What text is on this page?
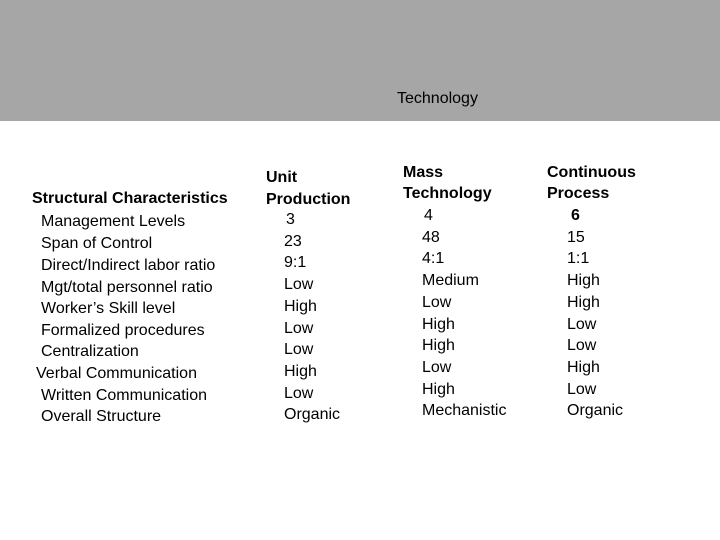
Technology
Structural Characteristics
Management Levels
Span of Control
Direct/Indirect labor ratio
Mgt/total personnel ratio
Worker’s Skill level
Formalized procedures
Centralization
Verbal Communication
Written Communication
Overall Structure
Unit
Production
3
23
9:1
Low
High
Low
Low
High
Low
Organic
Mass
Technology
4
48
4:1
Medium
Low
High
High
Low
High
Mechanistic
Continuous
Process
6
15
1:1
High
High
Low
Low
High
Low
Organic
